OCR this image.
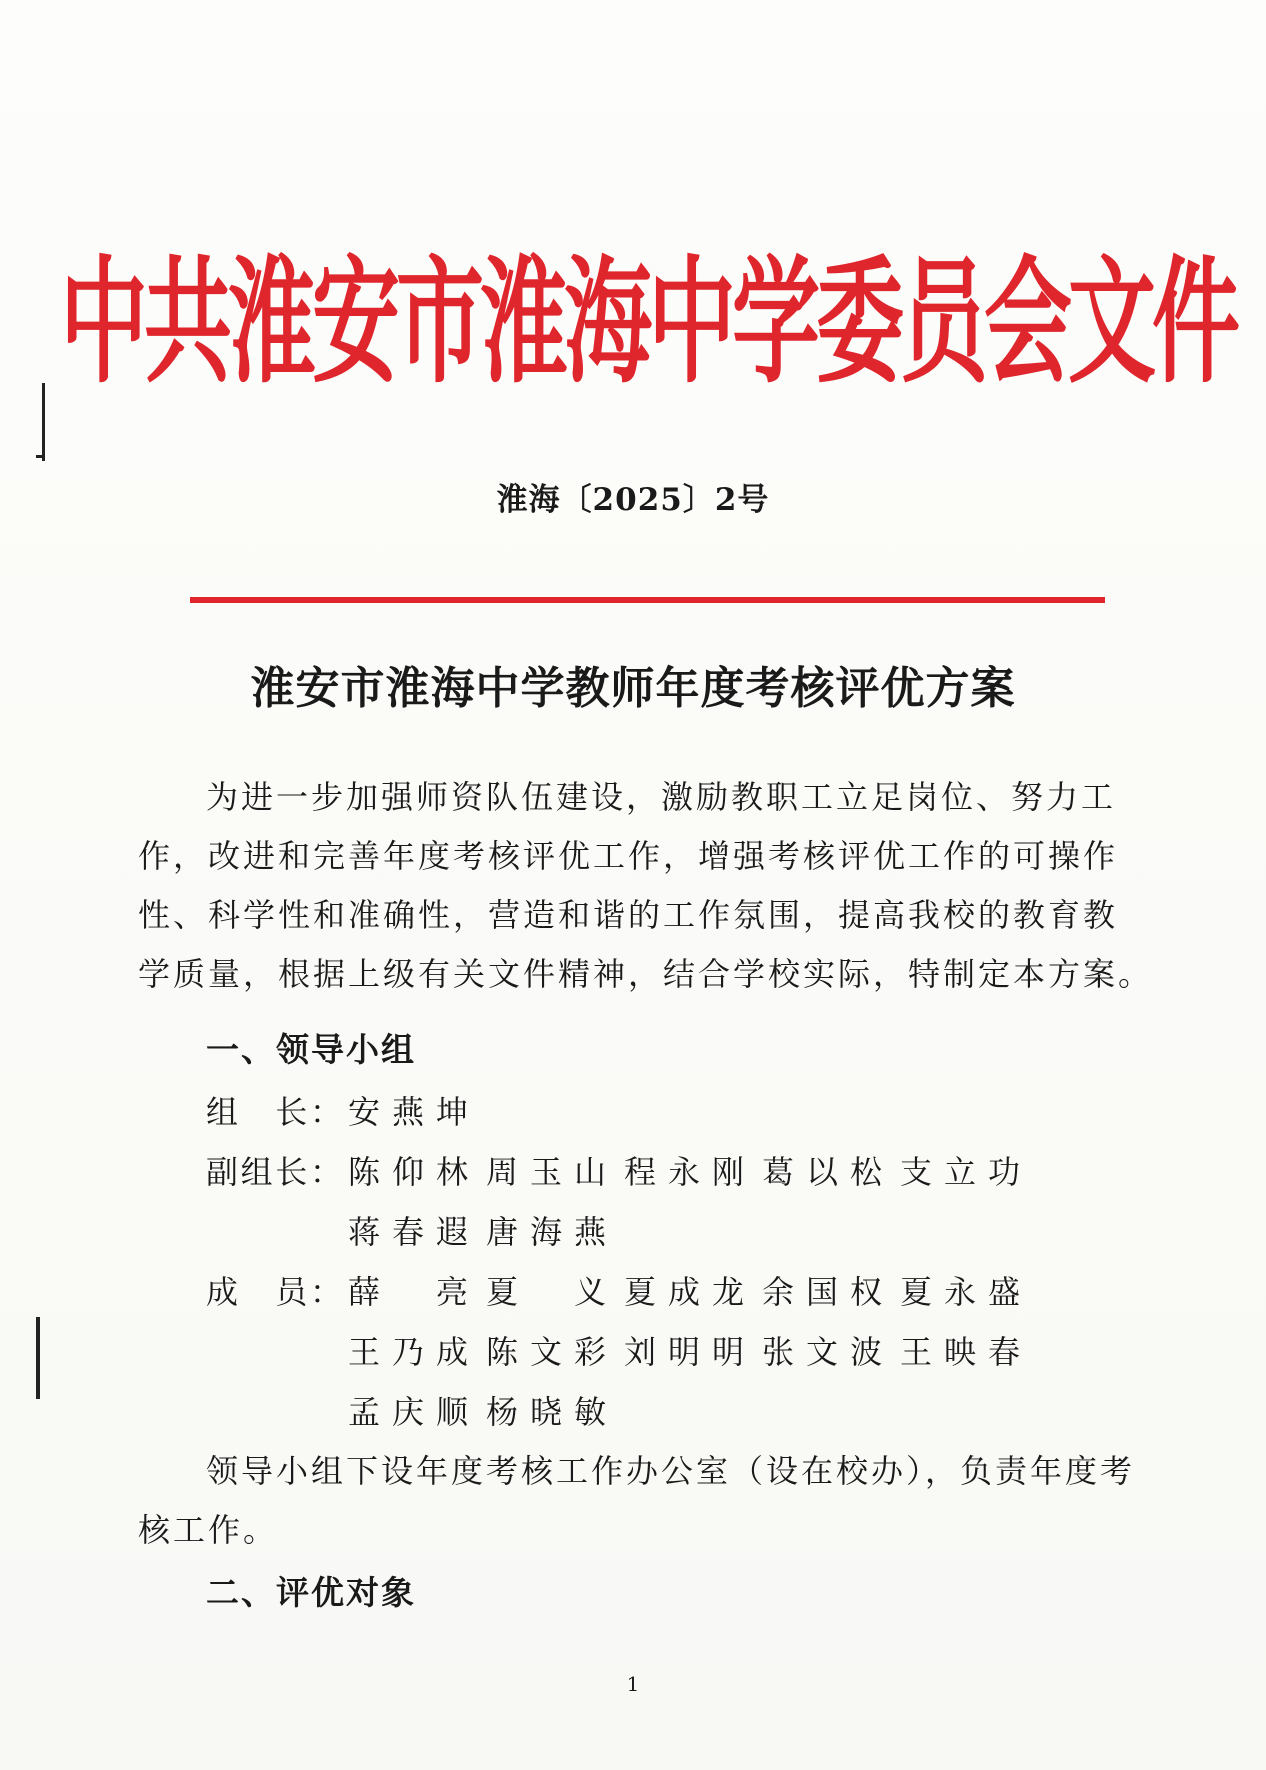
中共淮安市淮海中学委员会文件
淮海〔2025〕2号
淮安市淮海中学教师年度考核评优方案
为进一步加强师资队伍建设，激励教职工立足岗位、努力工
作，改进和完善年度考核评优工作，增强考核评优工作的可操作
性、科学性和准确性，营造和谐的工作氛围，提高我校的教育教
学质量，根据上级有关文件精神，结合学校实际，特制定本方案。
一、领导小组
组
　 长 ： 安 燕 坤
副 组 长 ： 陈 仰 林 周 玉 山 程 永 刚 葛 以 松 支 立 功
蒋 春 遐 唐 海 燕
成
　 员 ： 薛
　 亮 夏
　 义 夏 成 龙 余 国 权 夏 永 盛
王 乃 成 陈 文 彩 刘 明 明 张 文 波 王 映 春
孟 庆 顺 杨 晓 敏
领导小组下设年度考核工作办公室（设在校办），负责年度考
核工作。
二、评优对象
1
